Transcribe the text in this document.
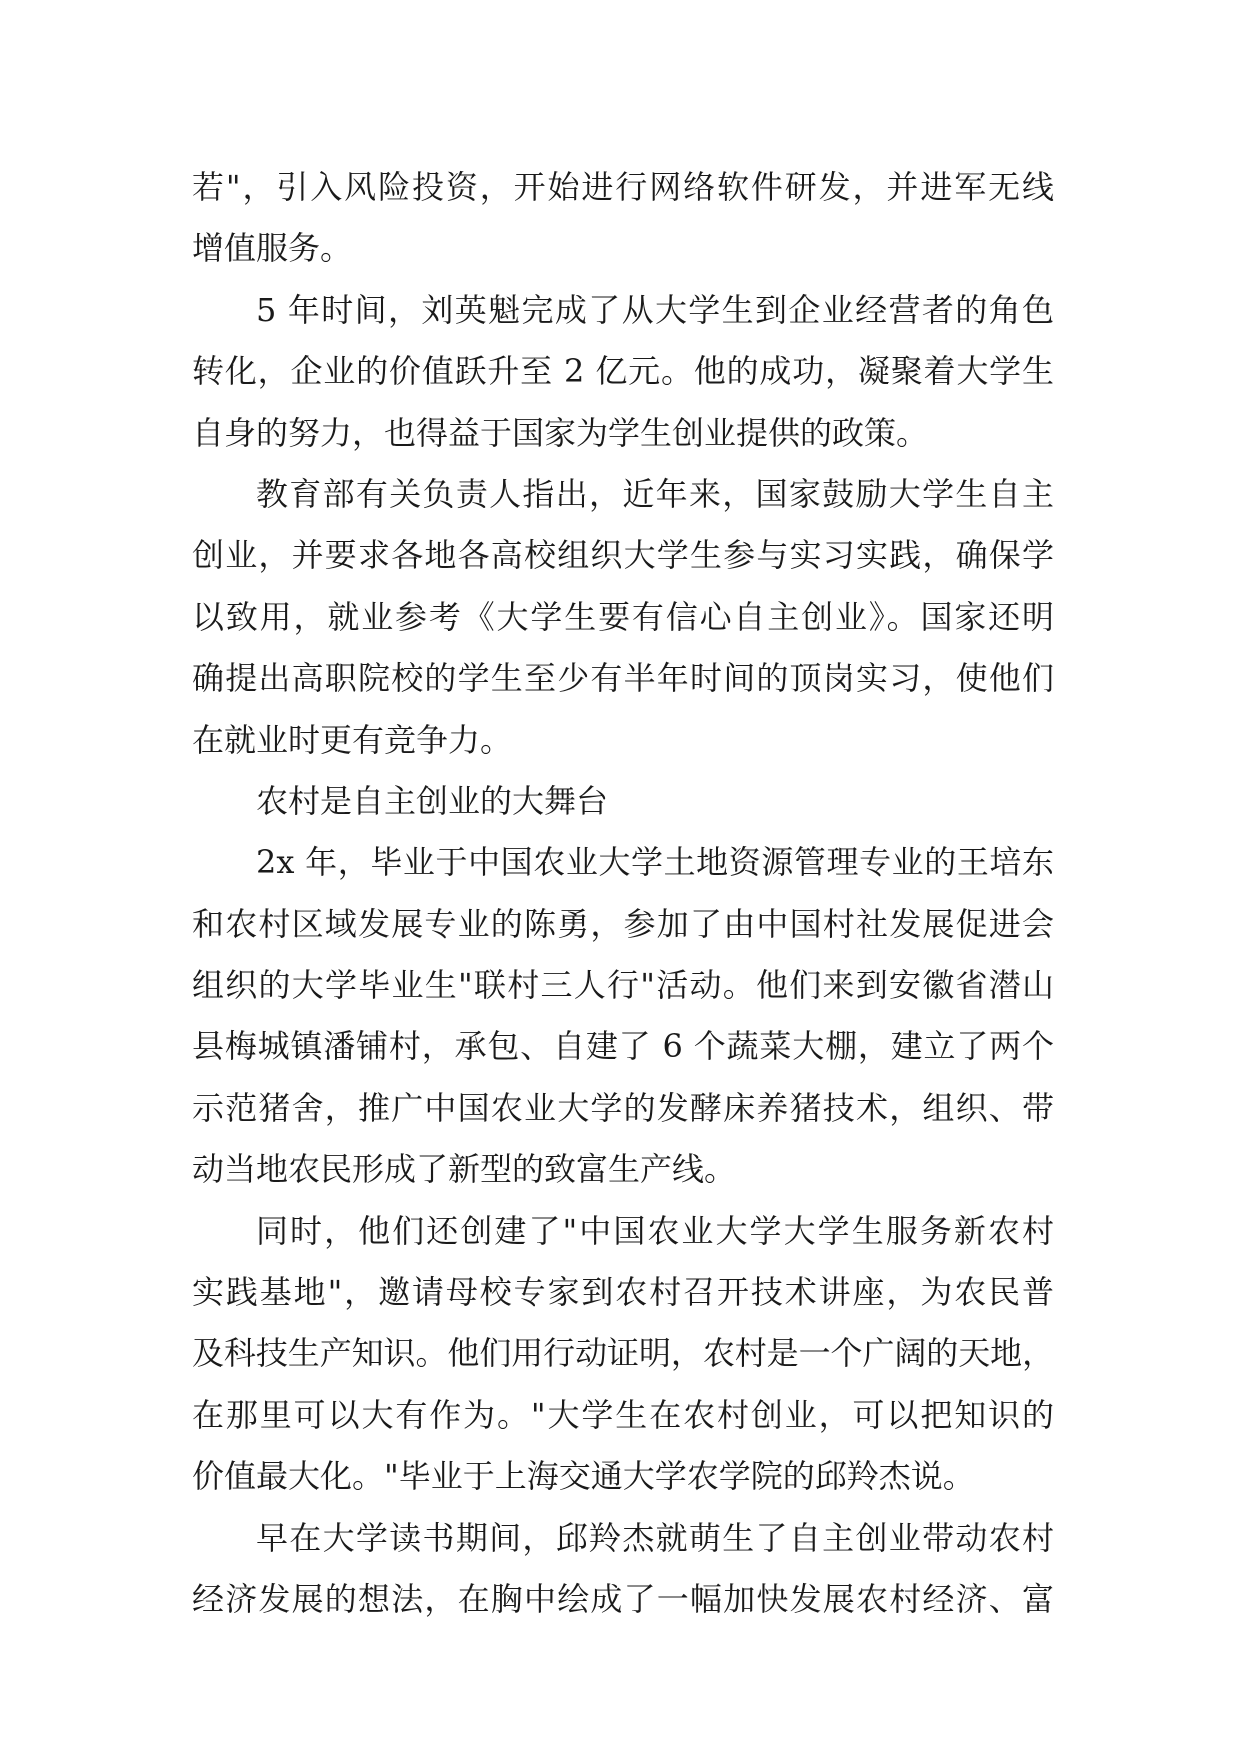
若"，引入风险投资，开始进行网络软件研发，并进军无线
增值服务。
5 年时间，刘英魁完成了从大学生到企业经营者的角色
转化，企业的价值跃升至 2 亿元。他的成功，凝聚着大学生
自身的努力，也得益于国家为学生创业提供的政策。
教育部有关负责人指出，近年来，国家鼓励大学生自主
创业，并要求各地各高校组织大学生参与实习实践，确保学
以致用，就业参考《大学生要有信心自主创业》。国家还明
确提出高职院校的学生至少有半年时间的顶岗实习，使他们
在就业时更有竞争力。
农村是自主创业的大舞台
2x 年，毕业于中国农业大学土地资源管理专业的王培东
和农村区域发展专业的陈勇，参加了由中国村社发展促进会
组织的大学毕业生"联村三人行"活动。他们来到安徽省潜山
县梅城镇潘铺村，承包、自建了 6 个蔬菜大棚，建立了两个
示范猪舍，推广中国农业大学的发酵床养猪技术，组织、带
动当地农民形成了新型的致富生产线。
同时，他们还创建了"中国农业大学大学生服务新农村
实践基地"，邀请母校专家到农村召开技术讲座，为农民普
及科技生产知识。他们用行动证明，农村是一个广阔的天地，
在那里可以大有作为。"大学生在农村创业，可以把知识的
价值最大化。"毕业于上海交通大学农学院的邱羚杰说。
早在大学读书期间，邱羚杰就萌生了自主创业带动农村
经济发展的想法，在胸中绘成了一幅加快发展农村经济、富
